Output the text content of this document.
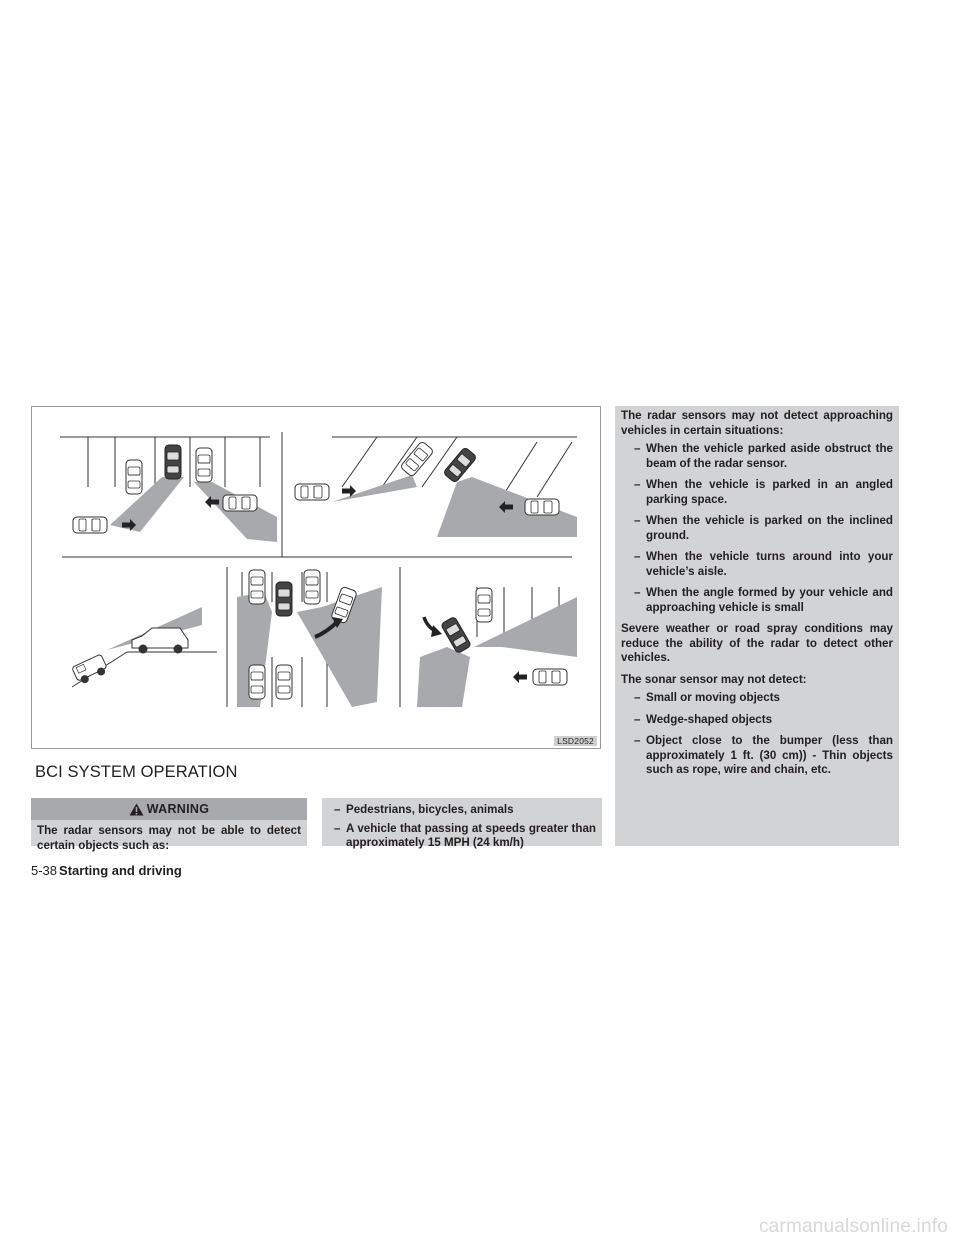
LSD2052
BCI SYSTEM OPERATION
WARNING
The radar sensors may not be able to detect certain objects such as:
– Pedestrians, bicycles, animals
– A vehicle that passing at speeds greater than approximately 15 MPH (24 km/h)

The radar sensors may not detect approaching vehicles in certain situations:

– When the vehicle parked aside obstruct the beam of the radar sensor.
– When the vehicle is parked in an angled parking space.
– When the vehicle is parked on the inclined ground.
– When the vehicle turns around into your vehicle’s aisle.
– When the angle formed by your vehicle and approaching vehicle is small

Severe weather or road spray conditions may reduce the ability of the radar to detect other vehicles.

The sonar sensor may not detect:

– Small or moving objects
– Wedge-shaped objects
– Object close to the bumper (less than approximately 1 ft. (30 cm)) - Thin objects such as rope, wire and chain, etc.
5-38 Starting and driving
carmanualsonline.info
